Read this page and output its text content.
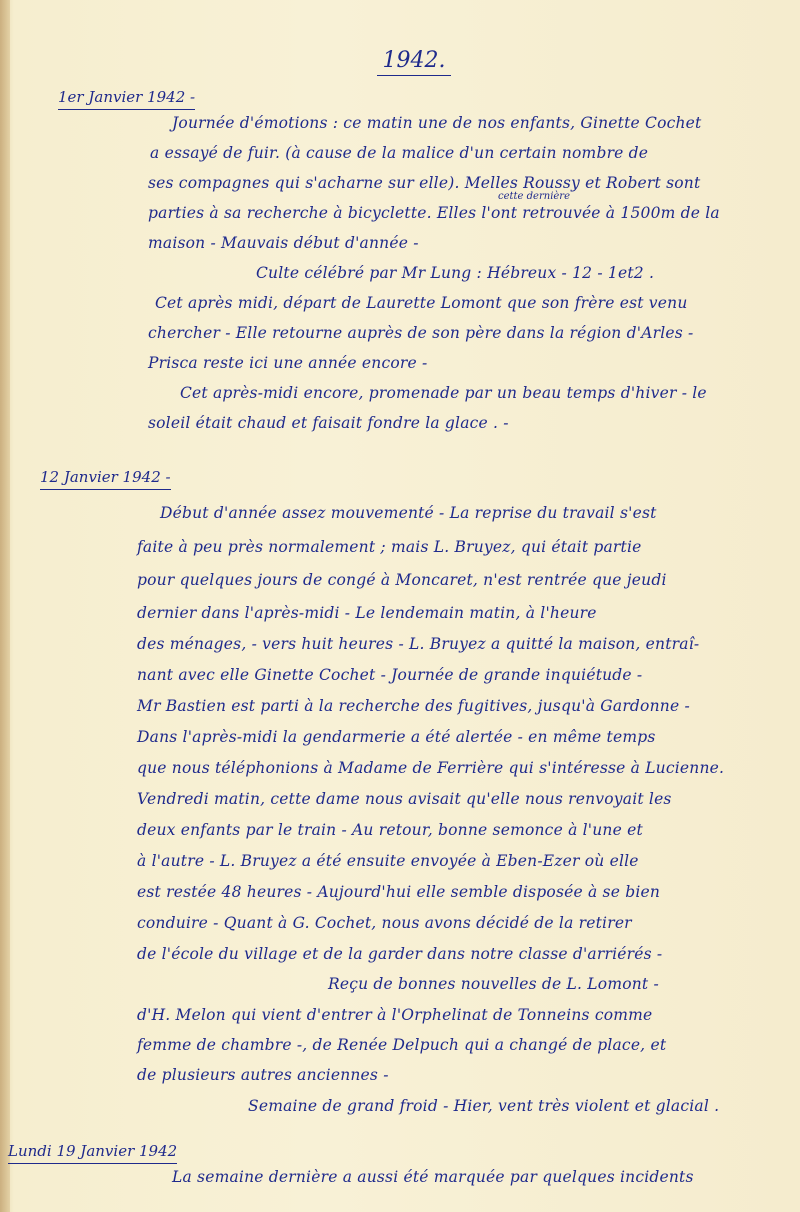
1942.
1er Janvier 1942 -
Journée d'émotions : ce matin une de nos enfants, Ginette Cochet
a essayé de fuir. (à cause de la malice d'un certain nombre de
ses compagnes qui s'acharne sur elle). Melles Roussy et Robert sont
cette dernière
parties à sa recherche à bicyclette. Elles l'ont retrouvée à 1500m de la
maison - Mauvais début d'année -
Culte célébré par Mr Lung : Hébreux - 12 - 1et2 .
Cet après midi, départ de Laurette Lomont que son frère est venu
chercher - Elle retourne auprès de son père dans la région d'Arles -
Prisca reste ici une année encore -
Cet après-midi encore, promenade par un beau temps d'hiver - le
soleil était chaud et faisait fondre la glace . -
12 Janvier 1942 -
Début d'année assez mouvementé - La reprise du travail s'est
faite à peu près normalement ; mais L. Bruyez, qui était partie
pour quelques jours de congé à Moncaret, n'est rentrée que jeudi
dernier dans l'après-midi - Le lendemain matin, à l'heure
des ménages, - vers huit heures - L. Bruyez a quitté la maison, entraî-
nant avec elle Ginette Cochet - Journée de grande inquiétude -
Mr Bastien est parti à la recherche des fugitives, jusqu'à Gardonne -
Dans l'après-midi la gendarmerie a été alertée - en même temps
que nous téléphonions à Madame de Ferrière qui s'intéresse à Lucienne.
Vendredi matin, cette dame nous avisait qu'elle nous renvoyait les
deux enfants par le train - Au retour, bonne semonce à l'une et
à l'autre - L. Bruyez a été ensuite envoyée à Eben-Ezer où elle
est restée 48 heures - Aujourd'hui elle semble disposée à se bien
conduire - Quant à G. Cochet, nous avons décidé de la retirer
de l'école du village et de la garder dans notre classe d'arriérés -
Reçu de bonnes nouvelles de L. Lomont -
d'H. Melon qui vient d'entrer à l'Orphelinat de Tonneins comme
femme de chambre -, de Renée Delpuch qui a changé de place, et
de plusieurs autres anciennes -
Semaine de grand froid - Hier, vent très violent et glacial .
Lundi 19 Janvier 1942
La semaine dernière a aussi été marquée par quelques incidents
